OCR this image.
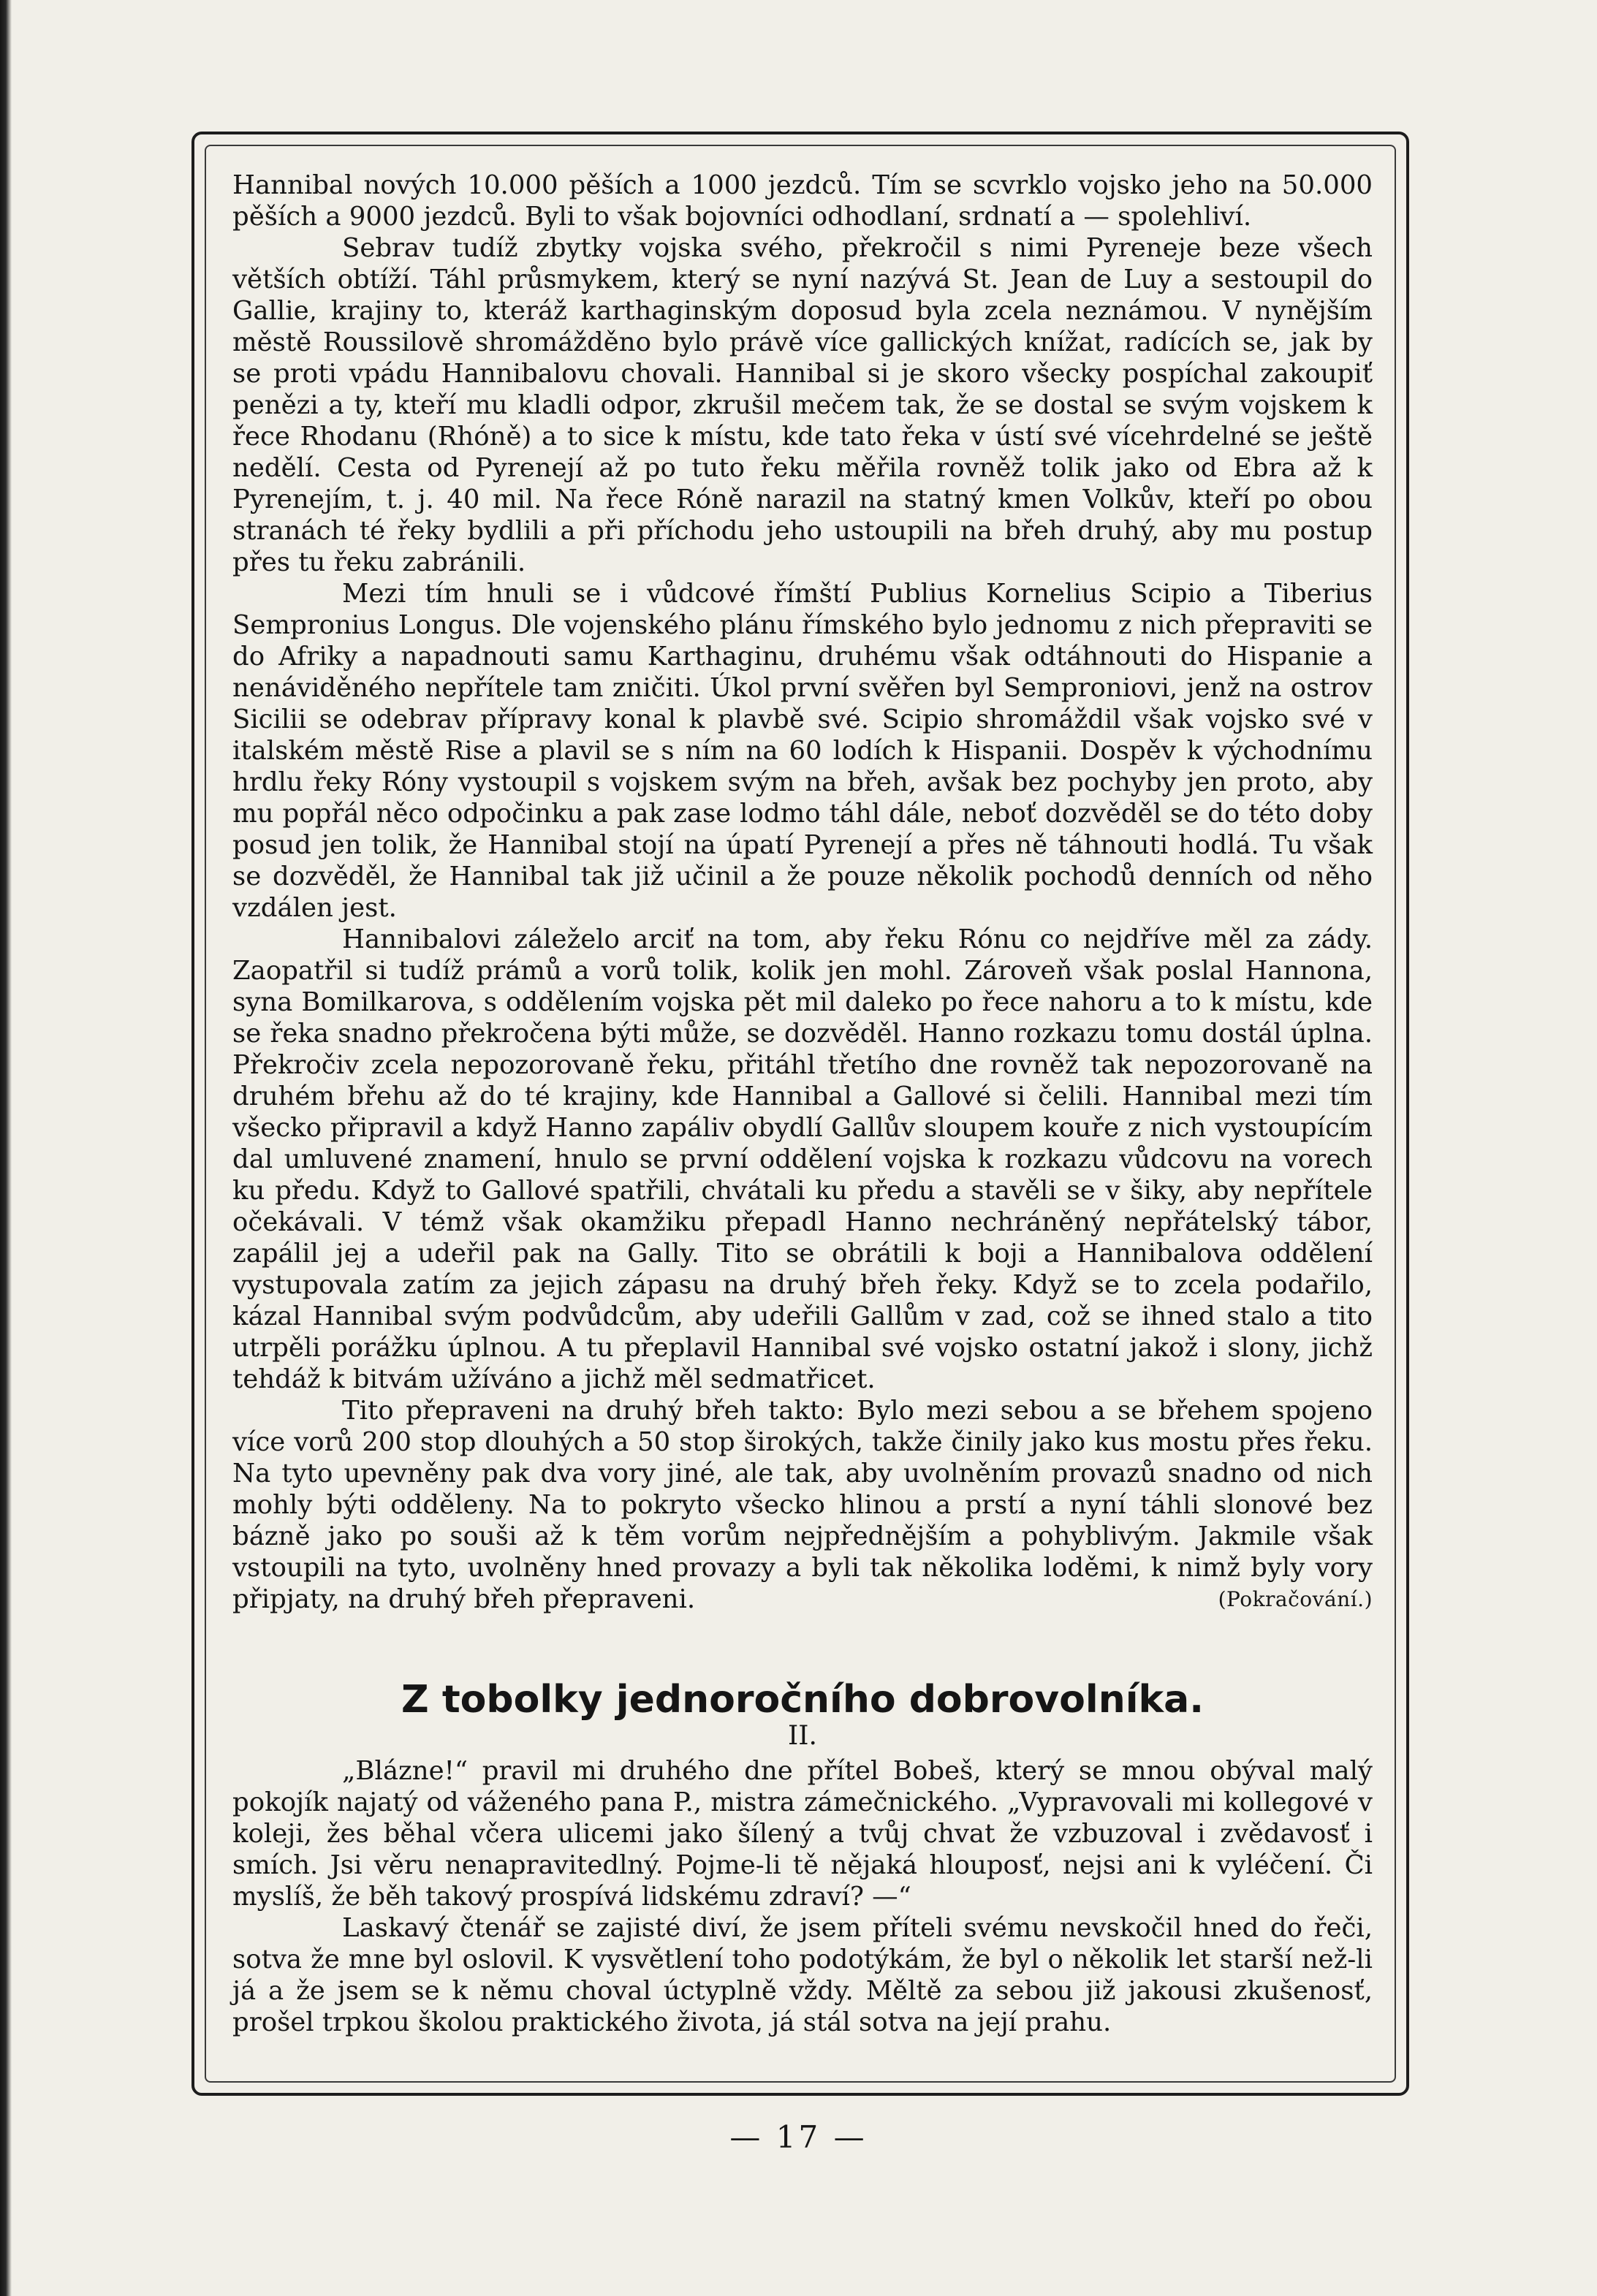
Hannibal nových 10.000 pěších a 1000 jezdců. Tím se scvrklo vojsko jeho na 50.000 pěších a 9000 jezdců. Byli to však bojovníci odhodlaní, srdnatí a — spolehliví.

Sebrav tudíž zbytky vojska svého, překročil s nimi Pyreneje beze všech větších obtíží. Táhl průsmykem, který se nyní nazývá St. Jean de Luy a sestoupil do Gallie, krajiny to, kteráž karthaginským doposud byla zcela neznámou. V nynějším městě Roussilově shromážděno bylo právě více gallických knížat, radících se, jak by se proti vpádu Hannibalovu chovali. Hannibal si je skoro všecky pospíchal zakoupiť penězi a ty, kteří mu kladli odpor, zkrušil mečem tak, že se dostal se svým vojskem k řece Rhodanu (Rhóně) a to sice k místu, kde tato řeka v ústí své vícehrdelné se ještě nedělí. Cesta od Pyrenejí až po tuto řeku měřila rovněž tolik jako od Ebra až k Pyrenejím, t. j. 40 mil. Na řece Róně narazil na statný kmen Volkův, kteří po obou stranách té řeky bydlili a při příchodu jeho ustoupili na břeh druhý, aby mu postup přes tu řeku zabránili.

Mezi tím hnuli se i vůdcové římští Publius Kornelius Scipio a Tiberius Sempronius Longus. Dle vojenského plánu římského bylo jednomu z nich přepraviti se do Afriky a napadnouti samu Karthaginu, druhému však odtáhnouti do Hispanie a nenáviděného nepřítele tam zničiti. Úkol první svěřen byl Semproniovi, jenž na ostrov Sicilii se odebrav přípravy konal k plavbě své. Scipio shromáždil však vojsko své v italském městě Rise a plavil se s ním na 60 lodích k Hispanii. Dospěv k východnímu hrdlu řeky Róny vystoupil s vojskem svým na břeh, avšak bez pochyby jen proto, aby mu popřál něco odpočinku a pak zase lodmo táhl dále, neboť dozvěděl se do této doby posud jen tolik, že Hannibal stojí na úpatí Pyrenejí a přes ně táhnouti hodlá. Tu však se dozvěděl, že Hannibal tak již učinil a že pouze několik pochodů denních od něho vzdálen jest.

Hannibalovi záleželo arciť na tom, aby řeku Rónu co nejdříve měl za zády. Zaopatřil si tudíž prámů a vorů tolik, kolik jen mohl. Zároveň však poslal Hannona, syna Bomilkarova, s oddělením vojska pět mil daleko po řece nahoru a to k místu, kde se řeka snadno překročena býti může, se dozvěděl. Hanno rozkazu tomu dostál úplna. Překročiv zcela nepozorovaně řeku, přitáhl třetího dne rovněž tak nepozorovaně na druhém břehu až do té krajiny, kde Hannibal a Gallové si čelili. Hannibal mezi tím všecko připravil a když Hanno zapáliv obydlí Gallův sloupem kouře z nich vystoupícím dal umluvené znamení, hnulo se první oddělení vojska k rozkazu vůdcovu na vorech ku předu. Když to Gallové spatřili, chvátali ku předu a stavěli se v šiky, aby nepřítele očekávali. V témž však okamžiku přepadl Hanno nechráněný nepřátelský tábor, zapálil jej a udeřil pak na Gally. Tito se obrátili k boji a Hannibalova oddělení vystupovala zatím za jejich zápasu na druhý břeh řeky. Když se to zcela podařilo, kázal Hannibal svým podvůdcům, aby udeřili Gallům v zad, což se ihned stalo a tito utrpěli porážku úplnou. A tu přeplavil Hannibal své vojsko ostatní jakož i slony, jichž tehdáž k bitvám užíváno a jichž měl sedmatřicet.

Tito přepraveni na druhý břeh takto: Bylo mezi sebou a se břehem spojeno více vorů 200 stop dlouhých a 50 stop širokých, takže činily jako kus mostu přes řeku. Na tyto upevněny pak dva vory jiné, ale tak, aby uvolněním provazů snadno od nich mohly býti odděleny. Na to pokryto všecko hlinou a prstí a nyní táhli slonové bez bázně jako po souši až k těm vorům nejpřednějším a pohyblivým. Jakmile však vstoupili na tyto, uvolněny hned provazy a byli tak několika loděmi, k nimž byly vory připjaty, na druhý břeh přepraveni.	(Pokračování.)
Z tobolky jednoročního dobrovolníka.
II.

„Blázne!“ pravil mi druhého dne přítel Bobeš, který se mnou obýval malý pokojík najatý od váženého pana P., mistra zámečnického. „Vypravovali mi kollegové v koleji, žes běhal včera ulicemi jako šílený a tvůj chvat že vzbuzoval i zvědavosť i smích. Jsi věru nenapravitedlný. Pojme-li tě nějaká hlouposť, nejsi ani k vyléčení. Či myslíš, že běh takový prospívá lidskému zdraví? —“

Laskavý čtenář se zajisté diví, že jsem příteli svému nevskočil hned do řeči, sotva že mne byl oslovil. K vysvětlení toho podotýkám, že byl o několik let starší než-li já a že jsem se k němu choval úctyplně vždy. Měltě za sebou již jakousi zkušenosť, prošel trpkou školou praktického života, já stál sotva na její prahu.

— 17 —
